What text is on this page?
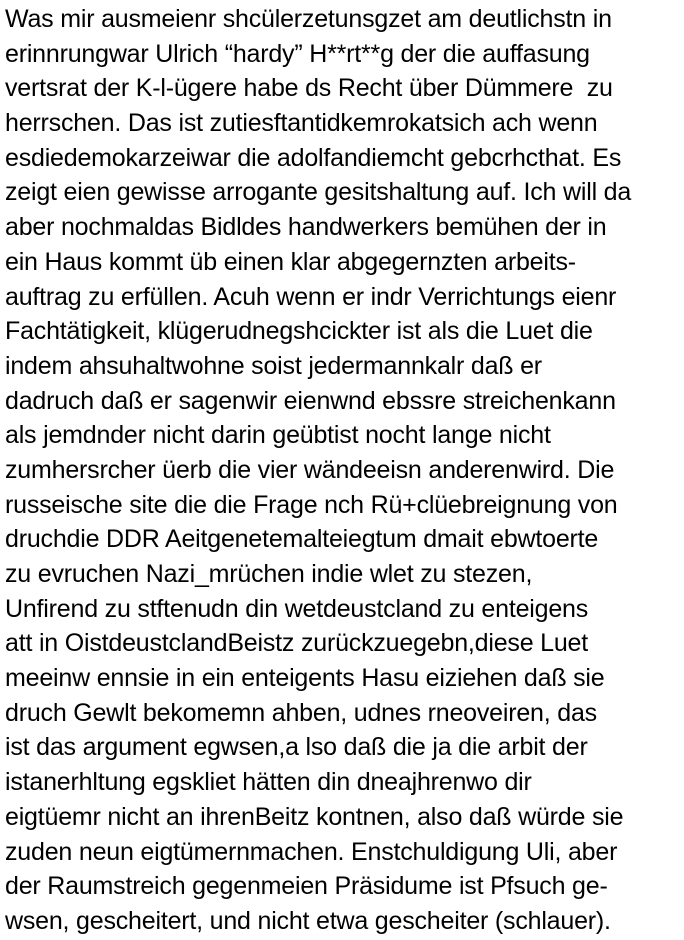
Was mir ausmeienr shcülerzetunsgzet am deutlichstn in
erinnrungwar Ulrich “hardy” H**rt**g der die auffasung
vertsrat der K-l-ügere habe ds Recht über Dümmere  zu
herrschen. Das ist zutiesftantidkemrokatsich ach wenn
esdiedemokarzeiwar die adolfandiemcht gebcrhcthat. Es
zeigt eien gewisse arrogante gesitshaltung auf. Ich will da
aber nochmaldas Bidldes handwerkers bemühen der in
ein Haus kommt üb einen klar abgegernzten arbeits-
auftrag zu erfüllen. Acuh wenn er indr Verrichtungs eienr
Fachtätigkeit, klügerudnegshcickter ist als die Luet die
indem ahsuhaltwohne soist jedermannkalr daß er
dadruch daß er sagenwir eienwnd ebssre streichenkann
als jemdnder nicht darin geübtist nocht lange nicht
zumhersrcher üerb die vier wändeeisn anderenwird. Die
russeische site die die Frage nch Rü+clüebreignung von
druchdie DDR Aeitgenetemalteiegtum dmait ebwtoerte
zu evruchen Nazi_mrüchen indie wlet zu stezen,
Unfirend zu stftenudn din wetdeustcland zu enteigens
att in OistdeustclandBeistz zurückzuegebn,diese Luet
meeinw ennsie in ein enteigents Hasu eiziehen daß sie
druch Gewlt bekomemn ahben, udnes rneoveiren, das
ist das argument egwsen,a lso daß die ja die arbit der
istanerhltung egskliet hätten din dneajhrenwo dir
eigtüemr nicht an ihrenBeitz kontnen, also daß würde sie
zuden neun eigtümernmachen. Enstchuldigung Uli, aber
der Raumstreich gegenmeien Präsidume ist Pfsuch ge-
wsen, gescheitert, und nicht etwa gescheiter (schlauer).
